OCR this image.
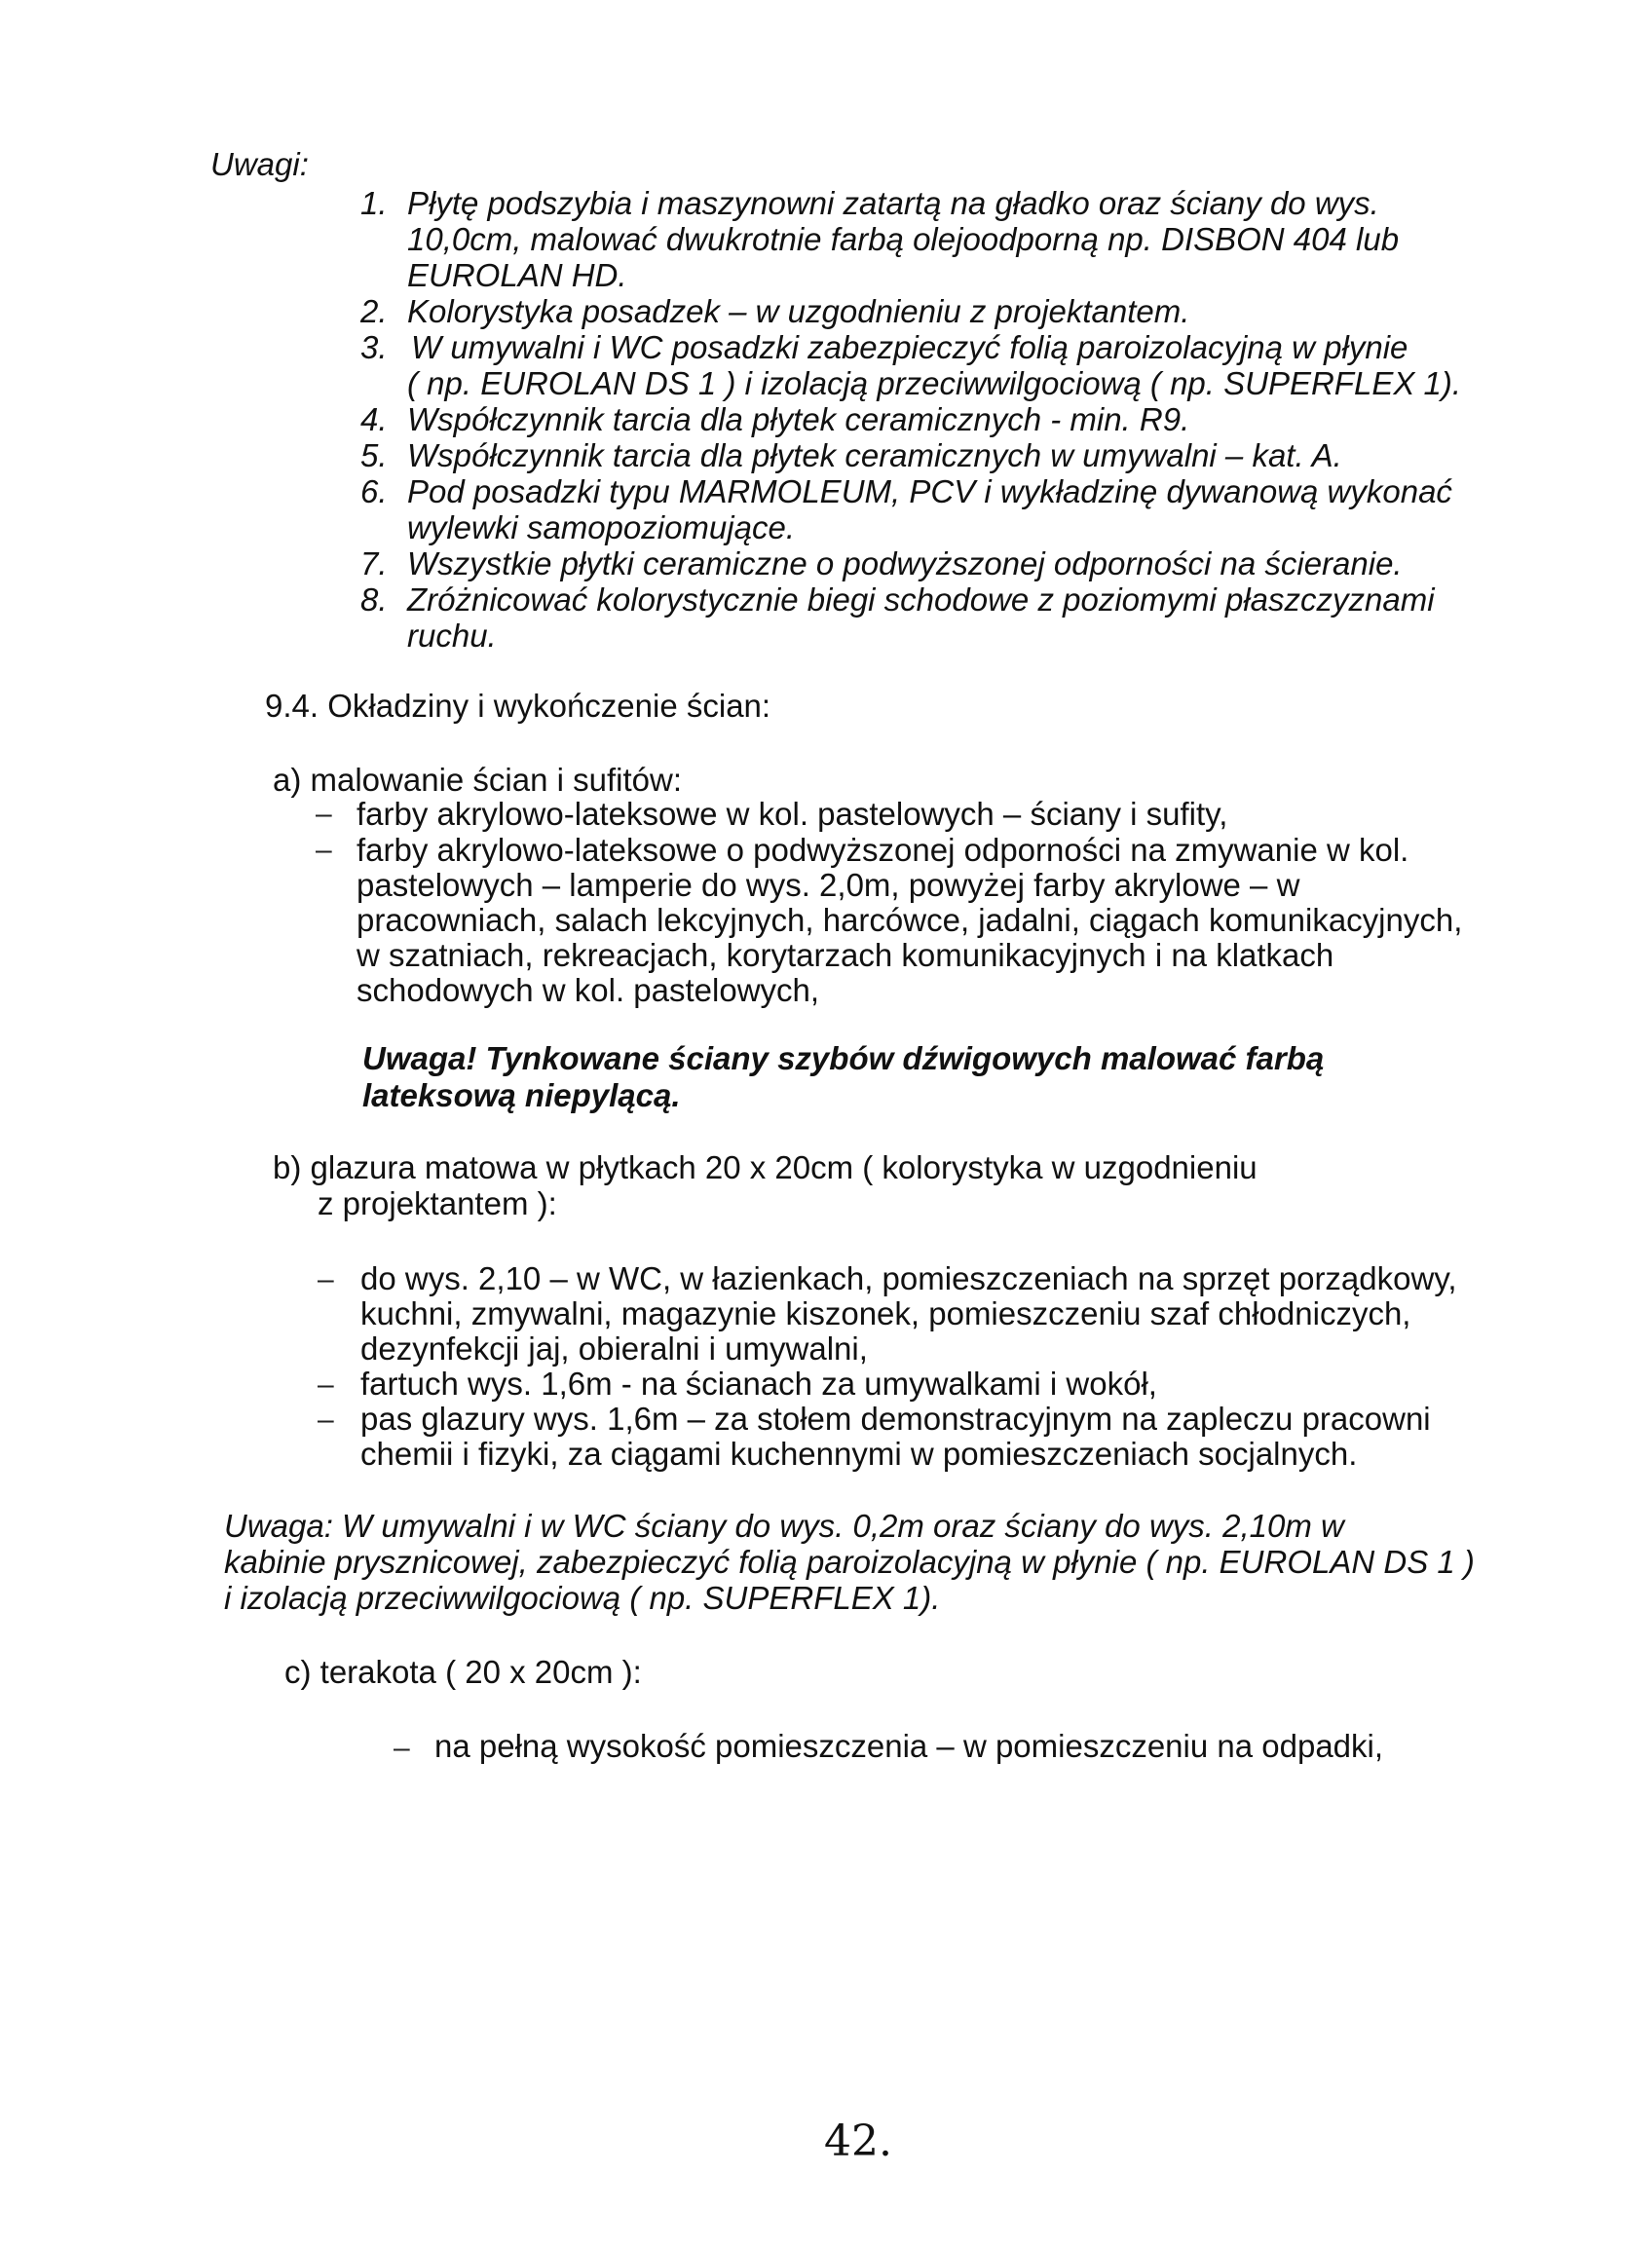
Uwagi:
1. Płytę podszybia i maszynowni zatartą na gładko oraz ściany do wys.
10,0cm, malować dwukrotnie farbą olejoodporną np. DISBON 404 lub
EUROLAN HD.
2. Kolorystyka posadzek – w uzgodnieniu z projektantem.
3. W umywalni i WC posadzki zabezpieczyć folią paroizolacyjną w płynie
( np. EUROLAN DS 1 ) i izolacją przeciwwilgociową ( np. SUPERFLEX 1).
4. Współczynnik tarcia dla płytek ceramicznych - min. R9.
5. Współczynnik tarcia dla płytek ceramicznych w umywalni – kat. A.
6. Pod posadzki typu MARMOLEUM, PCV i wykładzinę dywanową wykonać
wylewki samopoziomujące.
7. Wszystkie płytki ceramiczne o podwyższonej odporności na ścieranie.
8. Zróżnicować kolorystycznie biegi schodowe z poziomymi płaszczyznami
ruchu.
9.4. Okładziny i wykończenie ścian:
a) malowanie ścian i sufitów:
– farby akrylowo-lateksowe w kol. pastelowych – ściany i sufity,
– farby akrylowo-lateksowe o podwyższonej odporności na zmywanie w kol.
pastelowych – lamperie do wys. 2,0m, powyżej farby akrylowe – w
pracowniach, salach lekcyjnych, harcówce, jadalni, ciągach komunikacyjnych,
w szatniach, rekreacjach, korytarzach komunikacyjnych i na klatkach
schodowych w kol. pastelowych,
Uwaga! Tynkowane ściany szybów dźwigowych malować farbą
lateksową niepylącą.
b) glazura matowa w płytkach 20 x 20cm ( kolorystyka w uzgodnieniu
z projektantem ):
– do wys. 2,10 – w WC, w łazienkach, pomieszczeniach na sprzęt porządkowy,
kuchni, zmywalni, magazynie kiszonek, pomieszczeniu szaf chłodniczych,
dezynfekcji jaj, obieralni i umywalni,
– fartuch wys. 1,6m - na ścianach za umywalkami i wokół,
– pas glazury wys. 1,6m – za stołem demonstracyjnym na zapleczu pracowni
chemii i fizyki, za ciągami kuchennymi w pomieszczeniach socjalnych.
Uwaga: W umywalni i w WC ściany do wys. 0,2m oraz ściany do wys. 2,10m w
kabinie prysznicowej, zabezpieczyć folią paroizolacyjną w płynie ( np. EUROLAN DS 1 )
i izolacją przeciwwilgociową ( np. SUPERFLEX 1).
c) terakota ( 20 x 20cm ):
– na pełną wysokość pomieszczenia – w pomieszczeniu na odpadki,
42.
